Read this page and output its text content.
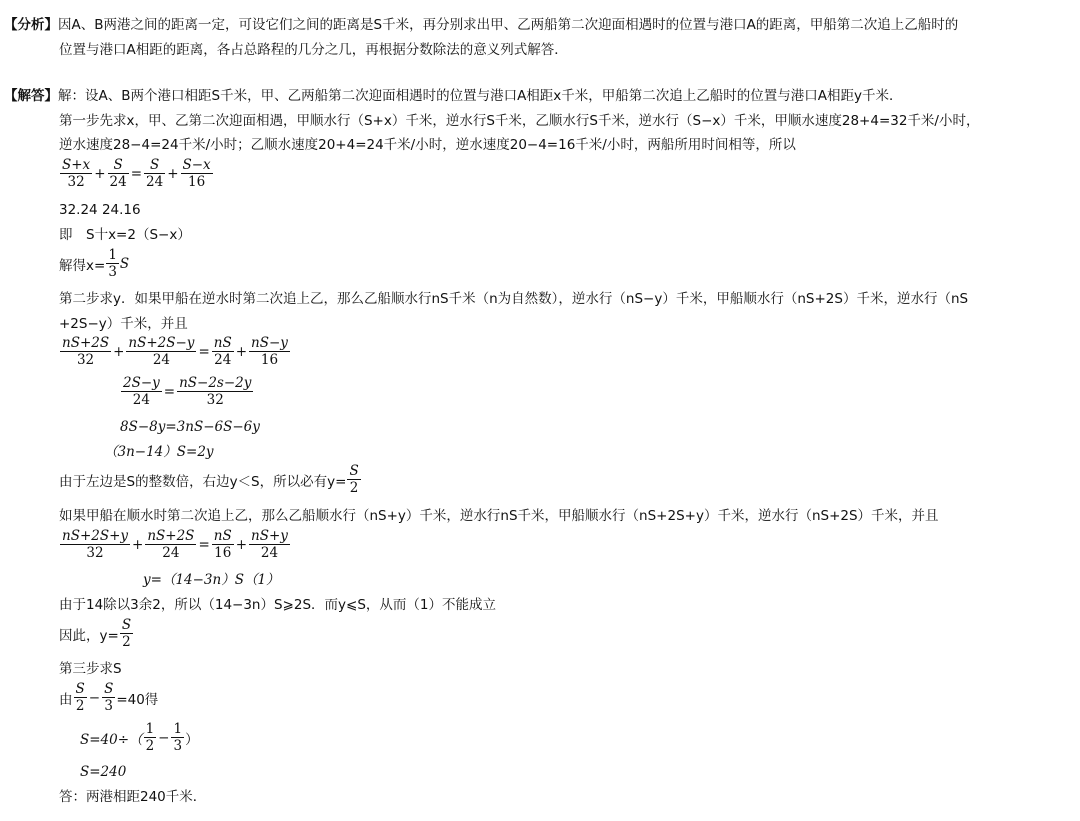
【分析】因A、B两港之间的距离一定，可设它们之间的距离是S千米，再分别求出甲、乙两船第二次迎面相遇时的位置与港口A的距离，甲船第二次追上乙船时的
位置与港口A相距的距离，各占总路程的几分之几，再根据分数除法的意义列式解答．
【解答】解：设A、B两个港口相距S千米，甲、乙两船第二次迎面相遇时的位置与港口A相距x千米，甲船第二次追上乙船时的位置与港口A相距y千米．
第一步先求x，甲、乙第二次迎面相遇，甲顺水行（S+x）千米，逆水行S千米，乙顺水行S千米，逆水行（S−x）千米，甲顺水速度28+4=32千米/小时，
逆水速度28−4=24千米/小时；乙顺水速度20+4=24千米/小时，逆水速度20−4=16千米/小时，两船所用时间相等，所以
$\frac{S+x}{32} + \frac{S}{24} = \frac{S}{24} + \frac{S-x}{16}$
32.24 24.16
即　S十x=2（S−x）
解得$x= \frac{1}{3}$ S
第二步求y．如果甲船在逆水时第二次追上乙，那么乙船顺水行nS千米（n为自然数），逆水行（nS−y）千米，甲船顺水行（nS+2S）千米，逆水行（nS
+2S−y）千米，并且
$\frac{nS+2S}{32} + \frac{nS+2S-y}{24} = \frac{nS}{24} + \frac{nS-y}{16}$
$\frac{2S-y}{24} = \frac{nS-2s-2y}{32}$
8S−8y=3nS−6S−6y
（3n−14）S=2y
由于左边是S的整数倍，右边y＜S，所以必有$y= \frac{S}{2}$
如果甲船在顺水时第二次追上乙，那么乙船顺水行（nS+y）千米，逆水行nS千米，甲船顺水行（nS+2S+y）千米，逆水行（nS+2S）千米，并且
$\frac{nS+2S+y}{32} + \frac{nS+2S}{24} = \frac{nS}{16} + \frac{nS+y}{24}$
y=（14−3n）S（1）
由于14除以3余2，所以（14−3n）S⩾2S．而y⩽S，从而（1）不能成立
因此，$y= \frac{S}{2}$
第三步求S
由 $\frac{S}{2} - \frac{S}{3} =40$得
$S=40\div( \frac{1}{2} - \frac{1}{3}$ ）
S=240
答：两港相距240千米．
